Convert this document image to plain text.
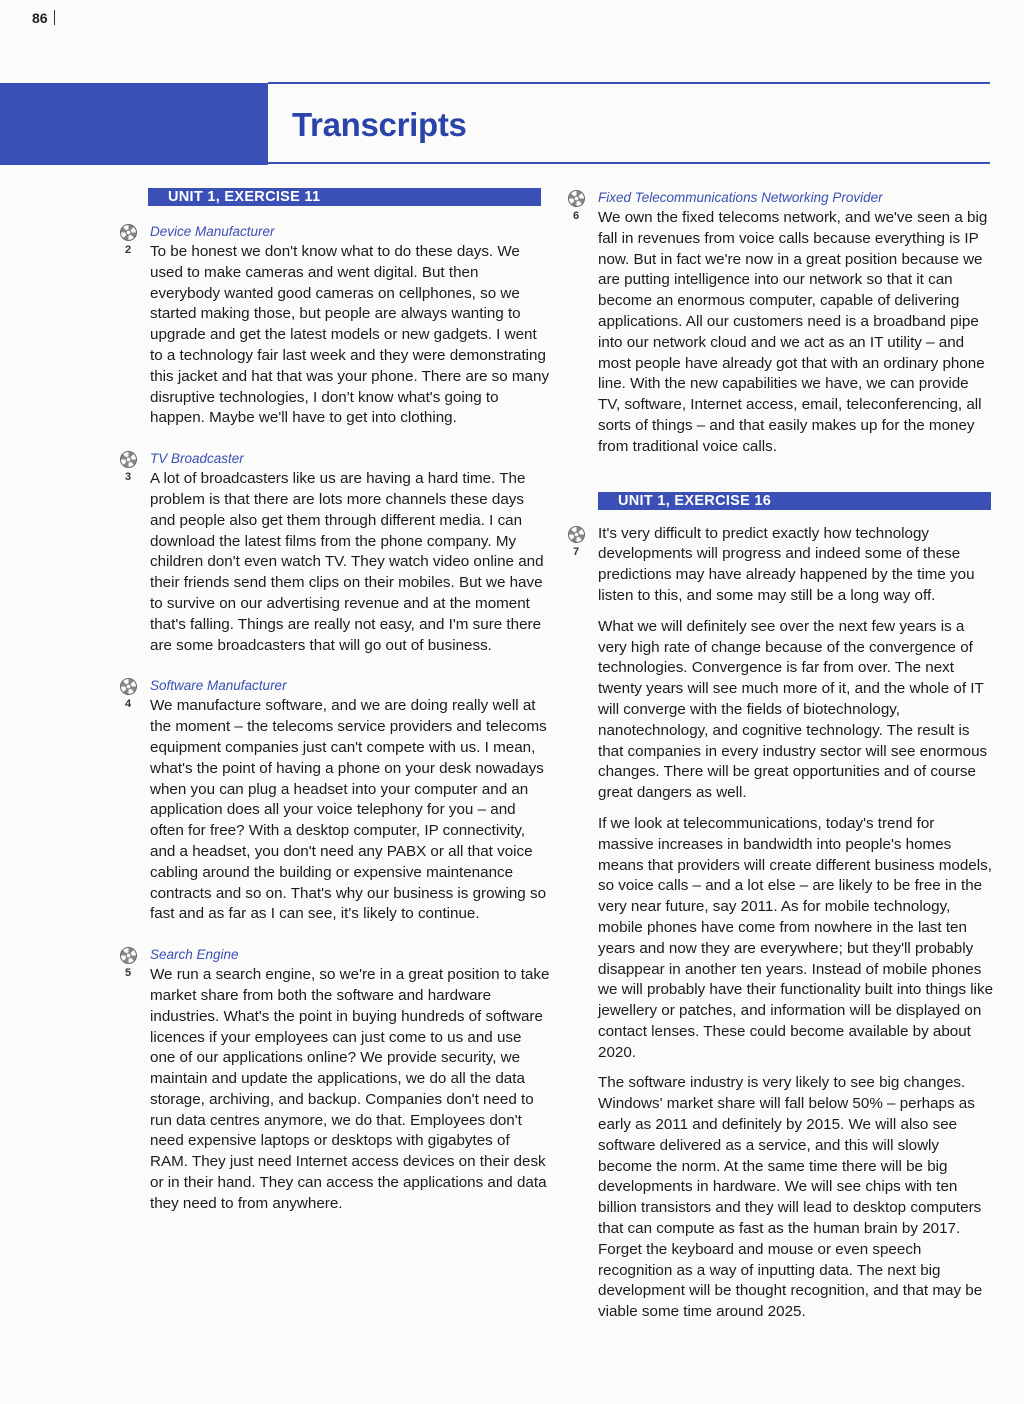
86
Transcripts
UNIT 1, EXERCISE 11
2
Device Manufacturer

To be honest we don't know what to do these days. We used to make cameras and went digital. But then everybody wanted good cameras on cellphones, so we started making those, but people are always wanting to upgrade and get the latest models or new gadgets. I went to a technology fair last week and they were demonstrating this jacket and hat that was your phone. There are so many disruptive technologies, I don't know what's going to happen. Maybe we'll have to get into clothing.

3
TV Broadcaster

A lot of broadcasters like us are having a hard time. The problem is that there are lots more channels these days and people also get them through different media. I can download the latest films from the phone company. My children don't even watch TV. They watch video online and their friends send them clips on their mobiles. But we have to survive on our advertising revenue and at the moment that's falling. Things are really not easy, and I'm sure there are some broadcasters that will go out of business.

4
Software Manufacturer

We manufacture software, and we are doing really well at the moment – the telecoms service providers and telecoms equipment companies just can't compete with us. I mean, what's the point of having a phone on your desk nowadays when you can plug a headset into your computer and an application does all your voice telephony for you – and often for free? With a desktop computer, IP connectivity, and a headset, you don't need any PABX or all that voice cabling around the building or expensive maintenance contracts and so on. That's why our business is growing so fast and as far as I can see, it's likely to continue.

5
Search Engine

We run a search engine, so we're in a great position to take market share from both the software and hardware industries. What's the point in buying hundreds of software licences if your employees can just come to us and use one of our applications online? We provide security, we maintain and update the applications, we do all the data storage, archiving, and backup. Companies don't need to run data centres anymore, we do that. Employees don't need expensive laptops or desktops with gigabytes of RAM. They just need Internet access devices on their desk or in their hand. They can access the applications and data they need to from anywhere.

6
Fixed Telecommunications Networking Provider

We own the fixed telecoms network, and we've seen a big fall in revenues from voice calls because everything is IP now. But in fact we're now in a great position because we are putting intelligence into our network so that it can become an enormous computer, capable of delivering applications. All our customers need is a broadband pipe into our network cloud and we act as an IT utility – and most people have already got that with an ordinary phone line. With the new capabilities we have, we can provide TV, software, Internet access, email, teleconferencing, all sorts of things – and that easily makes up for the money from traditional voice calls.

UNIT 1, EXERCISE 16
7

It's very difficult to predict exactly how technology developments will progress and indeed some of these predictions may have already happened by the time you listen to this, and some may still be a long way off.

What we will definitely see over the next few years is a very high rate of change because of the convergence of technologies. Convergence is far from over. The next twenty years will see much more of it, and the whole of IT will converge with the fields of biotechnology, nanotechnology, and cognitive technology. The result is that companies in every industry sector will see enormous changes. There will be great opportunities and of course great dangers as well.

If we look at telecommunications, today's trend for massive increases in bandwidth into people's homes means that providers will create different business models, so voice calls – and a lot else – are likely to be free in the very near future, say 2011. As for mobile technology, mobile phones have come from nowhere in the last ten years and now they are everywhere; but they'll probably disappear in another ten years. Instead of mobile phones we will probably have their functionality built into things like jewellery or patches, and information will be displayed on contact lenses. These could become available by about 2020.

The software industry is very likely to see big changes. Windows' market share will fall below 50% – perhaps as early as 2011 and definitely by 2015. We will also see software delivered as a service, and this will slowly become the norm. At the same time there will be big developments in hardware. We will see chips with ten billion transistors and they will lead to desktop computers that can compute as fast as the human brain by 2017. Forget the keyboard and mouse or even speech recognition as a way of inputting data. The next big development will be thought recognition, and that may be viable some time around 2025.
